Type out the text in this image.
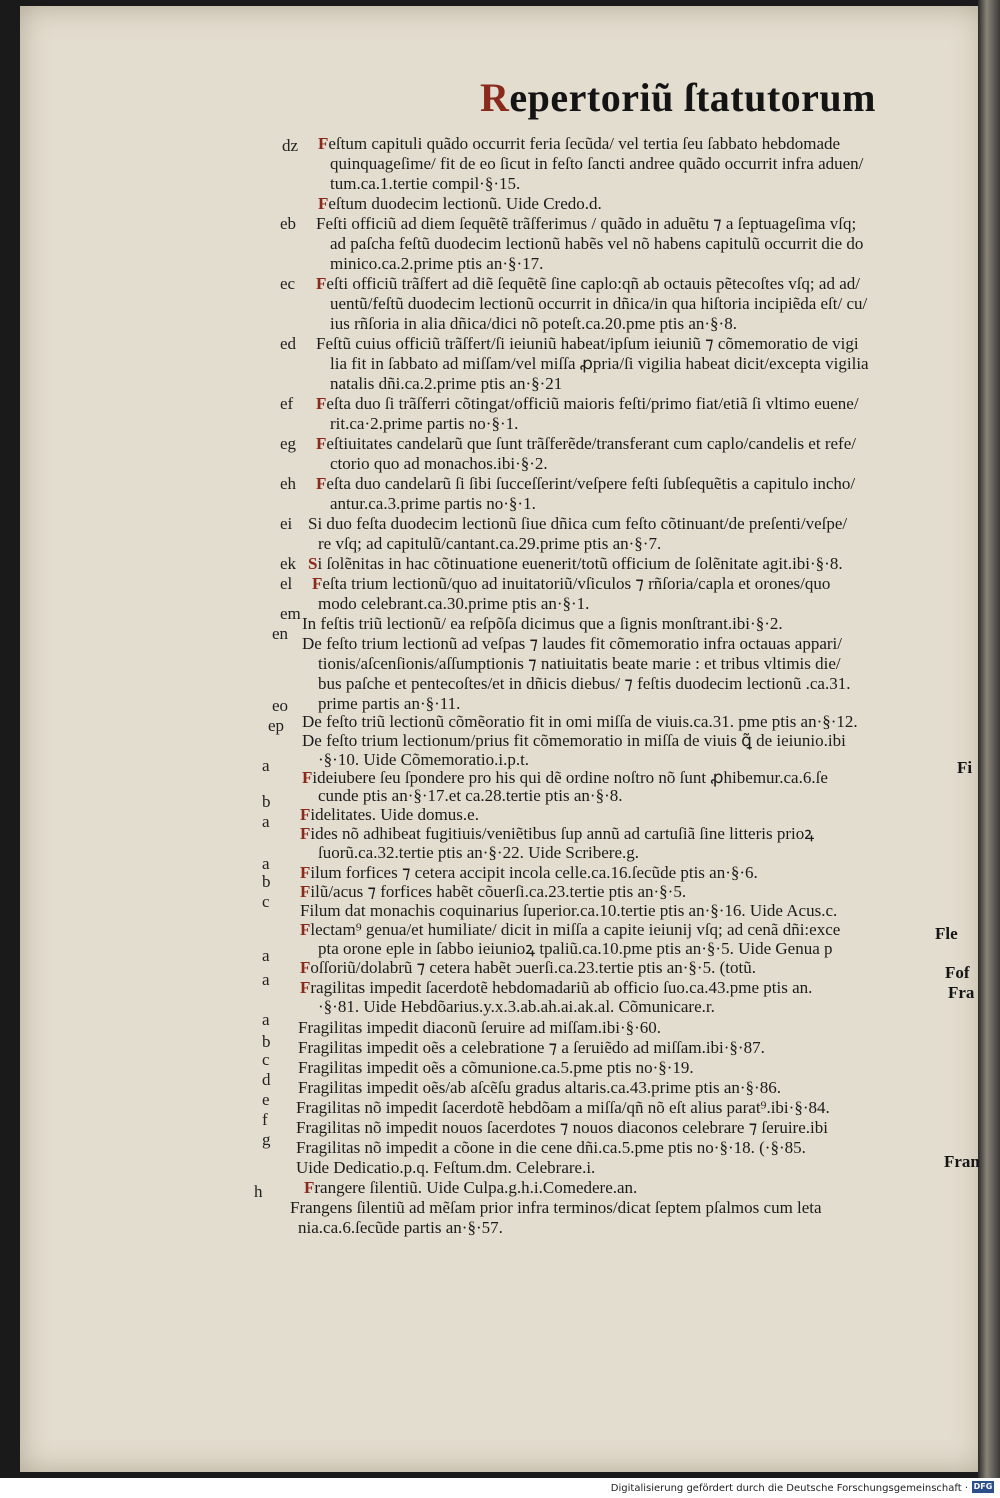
Repertoriũ ſtatutorum
Feſtum capituli quãdo occurrit feria ſecũda/ vel tertia ſeu ſabbato hebdomade
quinquageſime/ fit de eo ſicut in feſto ſancti andree quãdo occurrit infra aduen/
tum.ca.1.tertie compil·§·15.
Feſtum duodecim lectionũ. Uide Credo.d.
Feſti officiũ ad diem ſequẽtẽ trãſferimus / quãdo in aduẽtu ⁊ a ſeptuageſima vſq;
ad paſcha feſtũ duodecim lectionũ habẽs vel nõ habens capitulũ occurrit die do
minico.ca.2.prime ptis an·§·17.
Feſti officiũ trãſfert ad diẽ ſequẽtẽ ſine caplo:qñ ab octauis pẽtecoſtes vſq; ad ad/
uentũ/feſtũ duodecim lectionũ occurrit in dñica/in qua hiſtoria incipiẽda eſt/ cu/
ius rñſoria in alia dñica/dici nõ poteſt.ca.20.pme ptis an·§·8.
Feſtũ cuius officiũ trãſfert/ſi ieiuniũ habeat/ipſum ieiuniũ ⁊ cõmemoratio de vigi
lia fit in ſabbato ad miſſam/vel miſſa ꝓpria/ſi vigilia habeat dicit/excepta vigilia
natalis dñi.ca.2.prime ptis an·§·21
Feſta duo ſi trãſferri cõtingat/officiũ maioris feſti/primo fiat/etiã ſi vltimo euene/
rit.ca·2.prime partis no·§·1.
Feſtiuitates candelarũ que ſunt trãſferẽde/transferant cum caplo/candelis et refe/
ctorio quo ad monachos.ibi·§·2.
Feſta duo candelarũ ſi ſibi ſucceſſerint/veſpere feſti ſubſequẽtis a capitulo incho/
antur.ca.3.prime partis no·§·1.
Si duo feſta duodecim lectionũ ſiue dñica cum feſto cõtinuant/de preſenti/veſpe/
re vſq; ad capitulũ/cantant.ca.29.prime ptis an·§·7.
Si ſolẽnitas in hac cõtinuatione euenerit/totũ officium de ſolẽnitate agit.ibi·§·8.
Feſta trium lectionũ/quo ad inuitatoriũ/vſiculos ⁊ rñſoria/capla et orones/quo
modo celebrant.ca.30.prime ptis an·§·1.
In feſtis triũ lectionũ/ ea reſpõſa dicimus que a ſignis monſtrant.ibi·§·2.
De feſto trium lectionũ ad veſpas ⁊ laudes fit cõmemoratio infra octauas appari/
tionis/aſcenſionis/aſſumptionis ⁊ natiuitatis beate marie : et tribus vltimis die/
bus paſche et pentecoſtes/et in dñicis diebus/ ⁊ feſtis duodecim lectionũ .ca.31.
prime partis an·§·11.
De feſto triũ lectionũ cõmẽoratio fit in omi miſſa de viuis.ca.31. pme ptis an·§·12.
De feſto trium lectionum/prius fit cõmemoratio in miſſa de viuis ꝗ̃ de ieiunio.ibi
·§·10. Uide Cõmemoratio.i.p.t.
Fideiubere ſeu ſpondere pro his qui dẽ ordine noſtro nõ ſunt ꝓhibemur.ca.6.ſe
cunde ptis an·§·17.et ca.28.tertie ptis an·§·8.
Fidelitates. Uide domus.e.
Fides nõ adhibeat fugitiuis/veniẽtibus ſup annũ ad cartuſiã ſine litteris prioꝝ
ſuorũ.ca.32.tertie ptis an·§·22. Uide Scribere.g.
Filum forfices ⁊ cetera accipit incola celle.ca.16.ſecũde ptis an·§·6.
Filũ/acus ⁊ forfices habẽt cõuerſi.ca.23.tertie ptis an·§·5.
Filum dat monachis coquinarius ſuperior.ca.10.tertie ptis an·§·16. Uide Acus.c.
Flectam⁹ genua/et humiliate/ dicit in miſſa a capite ieiunij vſq; ad cenã dñi:exce
pta orone eple in ſabbo ieiunioꝝ tpaliũ.ca.10.pme ptis an·§·5. Uide Genua p
Foſſoriũ/dolabrũ ⁊ cetera habẽt ↄuerſi.ca.23.tertie ptis an·§·5. (totũ.
Fragilitas impedit ſacerdotẽ hebdomadariũ ab officio ſuo.ca.43.pme ptis an.
·§·81. Uide Hebdõarius.y.x.3.ab.ah.ai.ak.al. Cõmunicare.r.
Fragilitas impedit diaconũ ſeruire ad miſſam.ibi·§·60.
Fragilitas impedit oẽs a celebratione ⁊ a ſeruiẽdo ad miſſam.ibi·§·87.
Fragilitas impedit oẽs a cõmunione.ca.5.pme ptis no·§·19.
Fragilitas impedit oẽs/ab aſcẽſu gradus altaris.ca.43.prime ptis an·§·86.
Fragilitas nõ impedit ſacerdotẽ hebdõam a miſſa/qñ nõ eſt alius parat⁹.ibi·§·84.
Fragilitas nõ impedit nouos ſacerdotes ⁊ nouos diaconos celebrare ⁊ ſeruire.ibi
Fragilitas nõ impedit a cõone in die cene dñi.ca.5.pme ptis no·§·18. (·§·85.
Uide Dedicatio.p.q. Feſtum.dm. Celebrare.i.
Frangere ſilentiũ. Uide Culpa.g.h.i.Comedere.an.
Frangens ſilentiũ ad mẽſam prior infra terminos/dicat ſeptem pſalmos cum leta
nia.ca.6.ſecũde partis an·§·57.
dz
eb
ec
ed
ef
eg
eh
ei
ek
el
em
en
eo
ep
a
b
a
a
b
c
a
a
a
b
c
d
e
f
g
h
Fi
Fle
Fof
Fra
Fran
Digitalisierung gefördert durch die Deutsche Forschungsgemeinschaft · DFG
